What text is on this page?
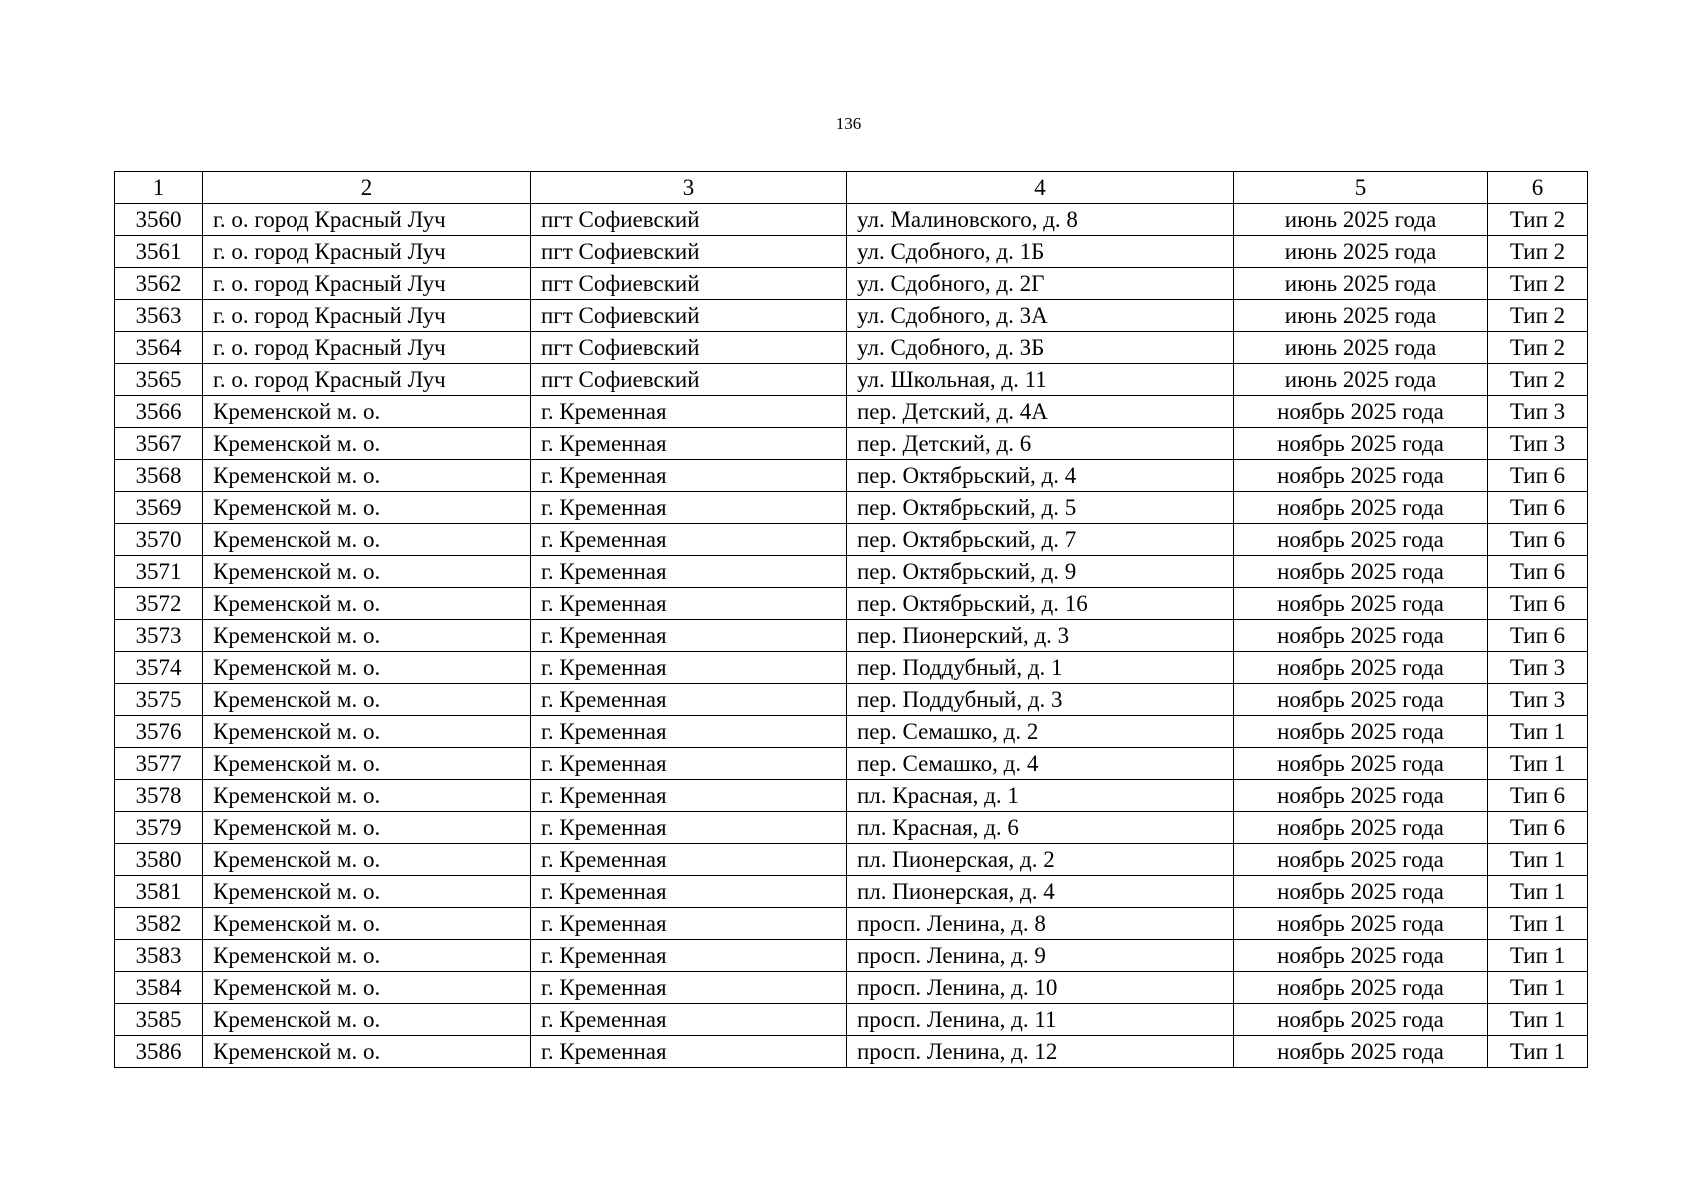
136
1	2	3	4	5	6
3560	г. о. город Красный Луч	пгт Софиевский	ул. Малиновского, д. 8	июнь 2025 года	Тип 2
3561	г. о. город Красный Луч	пгт Софиевский	ул. Сдобного, д. 1Б	июнь 2025 года	Тип 2
3562	г. о. город Красный Луч	пгт Софиевский	ул. Сдобного, д. 2Г	июнь 2025 года	Тип 2
3563	г. о. город Красный Луч	пгт Софиевский	ул. Сдобного, д. 3А	июнь 2025 года	Тип 2
3564	г. о. город Красный Луч	пгт Софиевский	ул. Сдобного, д. 3Б	июнь 2025 года	Тип 2
3565	г. о. город Красный Луч	пгт Софиевский	ул. Школьная, д. 11	июнь 2025 года	Тип 2
3566	Кременской м. о.	г. Кременная	пер. Детский, д. 4А	ноябрь 2025 года	Тип 3
3567	Кременской м. о.	г. Кременная	пер. Детский, д. 6	ноябрь 2025 года	Тип 3
3568	Кременской м. о.	г. Кременная	пер. Октябрьский, д. 4	ноябрь 2025 года	Тип 6
3569	Кременской м. о.	г. Кременная	пер. Октябрьский, д. 5	ноябрь 2025 года	Тип 6
3570	Кременской м. о.	г. Кременная	пер. Октябрьский, д. 7	ноябрь 2025 года	Тип 6
3571	Кременской м. о.	г. Кременная	пер. Октябрьский, д. 9	ноябрь 2025 года	Тип 6
3572	Кременской м. о.	г. Кременная	пер. Октябрьский, д. 16	ноябрь 2025 года	Тип 6
3573	Кременской м. о.	г. Кременная	пер. Пионерский, д. 3	ноябрь 2025 года	Тип 6
3574	Кременской м. о.	г. Кременная	пер. Поддубный, д. 1	ноябрь 2025 года	Тип 3
3575	Кременской м. о.	г. Кременная	пер. Поддубный, д. 3	ноябрь 2025 года	Тип 3
3576	Кременской м. о.	г. Кременная	пер. Семашко, д. 2	ноябрь 2025 года	Тип 1
3577	Кременской м. о.	г. Кременная	пер. Семашко, д. 4	ноябрь 2025 года	Тип 1
3578	Кременской м. о.	г. Кременная	пл. Красная, д. 1	ноябрь 2025 года	Тип 6
3579	Кременской м. о.	г. Кременная	пл. Красная, д. 6	ноябрь 2025 года	Тип 6
3580	Кременской м. о.	г. Кременная	пл. Пионерская, д. 2	ноябрь 2025 года	Тип 1
3581	Кременской м. о.	г. Кременная	пл. Пионерская, д. 4	ноябрь 2025 года	Тип 1
3582	Кременской м. о.	г. Кременная	просп. Ленина, д. 8	ноябрь 2025 года	Тип 1
3583	Кременской м. о.	г. Кременная	просп. Ленина, д. 9	ноябрь 2025 года	Тип 1
3584	Кременской м. о.	г. Кременная	просп. Ленина, д. 10	ноябрь 2025 года	Тип 1
3585	Кременской м. о.	г. Кременная	просп. Ленина, д. 11	ноябрь 2025 года	Тип 1
3586	Кременской м. о.	г. Кременная	просп. Ленина, д. 12	ноябрь 2025 года	Тип 1
